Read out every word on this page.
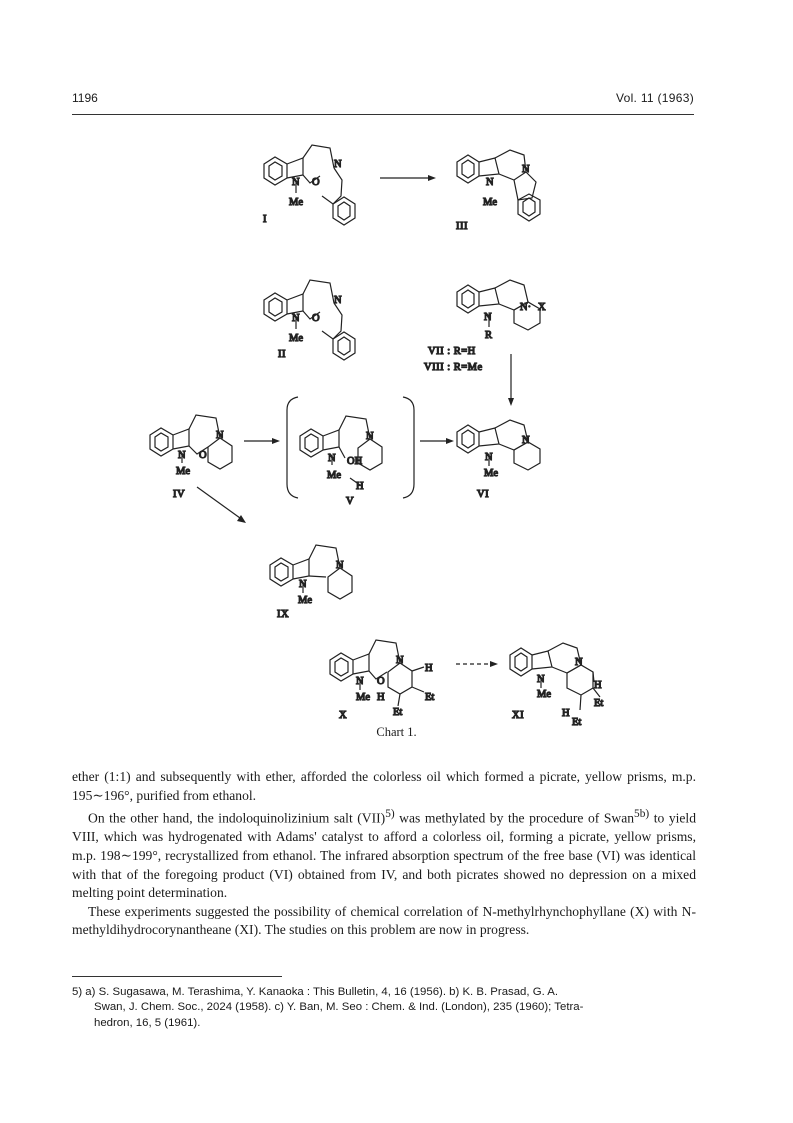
1196	Vol. 11 (1963)
N O
N
Me
I
N
N
Me
III
N O
N
Me
II
N
N· X
R
VII : R=H
VIII : R=Me
N O
N
Me
IV
N OH
N
Me
H
V
N
N
Me
VI
N
N
Me
IX
N O
N
H
Et
Et
Me H
X
N
N
Me
H
Et
H
Et
XI
Chart 1.

ether (1:1) and subsequently with ether, afforded the colorless oil which formed a picrate, yellow prisms, m.p. 195∼196°, purified from ethanol.

On the other hand, the indoloquinolizinium salt (VII)$^{5)}$ was methylated by the procedure of Swan$^{5b)}$ to yield VIII, which was hydrogenated with Adams' catalyst to afford a colorless oil, forming a picrate, yellow prisms, m.p. 198∼199°, recrystallized from ethanol. The infrared absorption spectrum of the free base (VI) was identical with that of the foregoing product (VI) obtained from IV, and both picrates showed no depression on a mixed melting point determination.

These experiments suggested the possibility of chemical correlation of N-methylrhynchophyllane (X) with N-methyldihydrocorynantheane (XI). The studies on this problem are now in progress.

5) a) S. Sugasawa, M. Terashima, Y. Kanaoka : This Bulletin, 4, 16 (1956). b) K. B. Prasad, G. A.
Swan, J. Chem. Soc., 2024 (1958). c) Y. Ban, M. Seo : Chem. & Ind. (London), 235 (1960); Tetra-
hedron, 16, 5 (1961).
